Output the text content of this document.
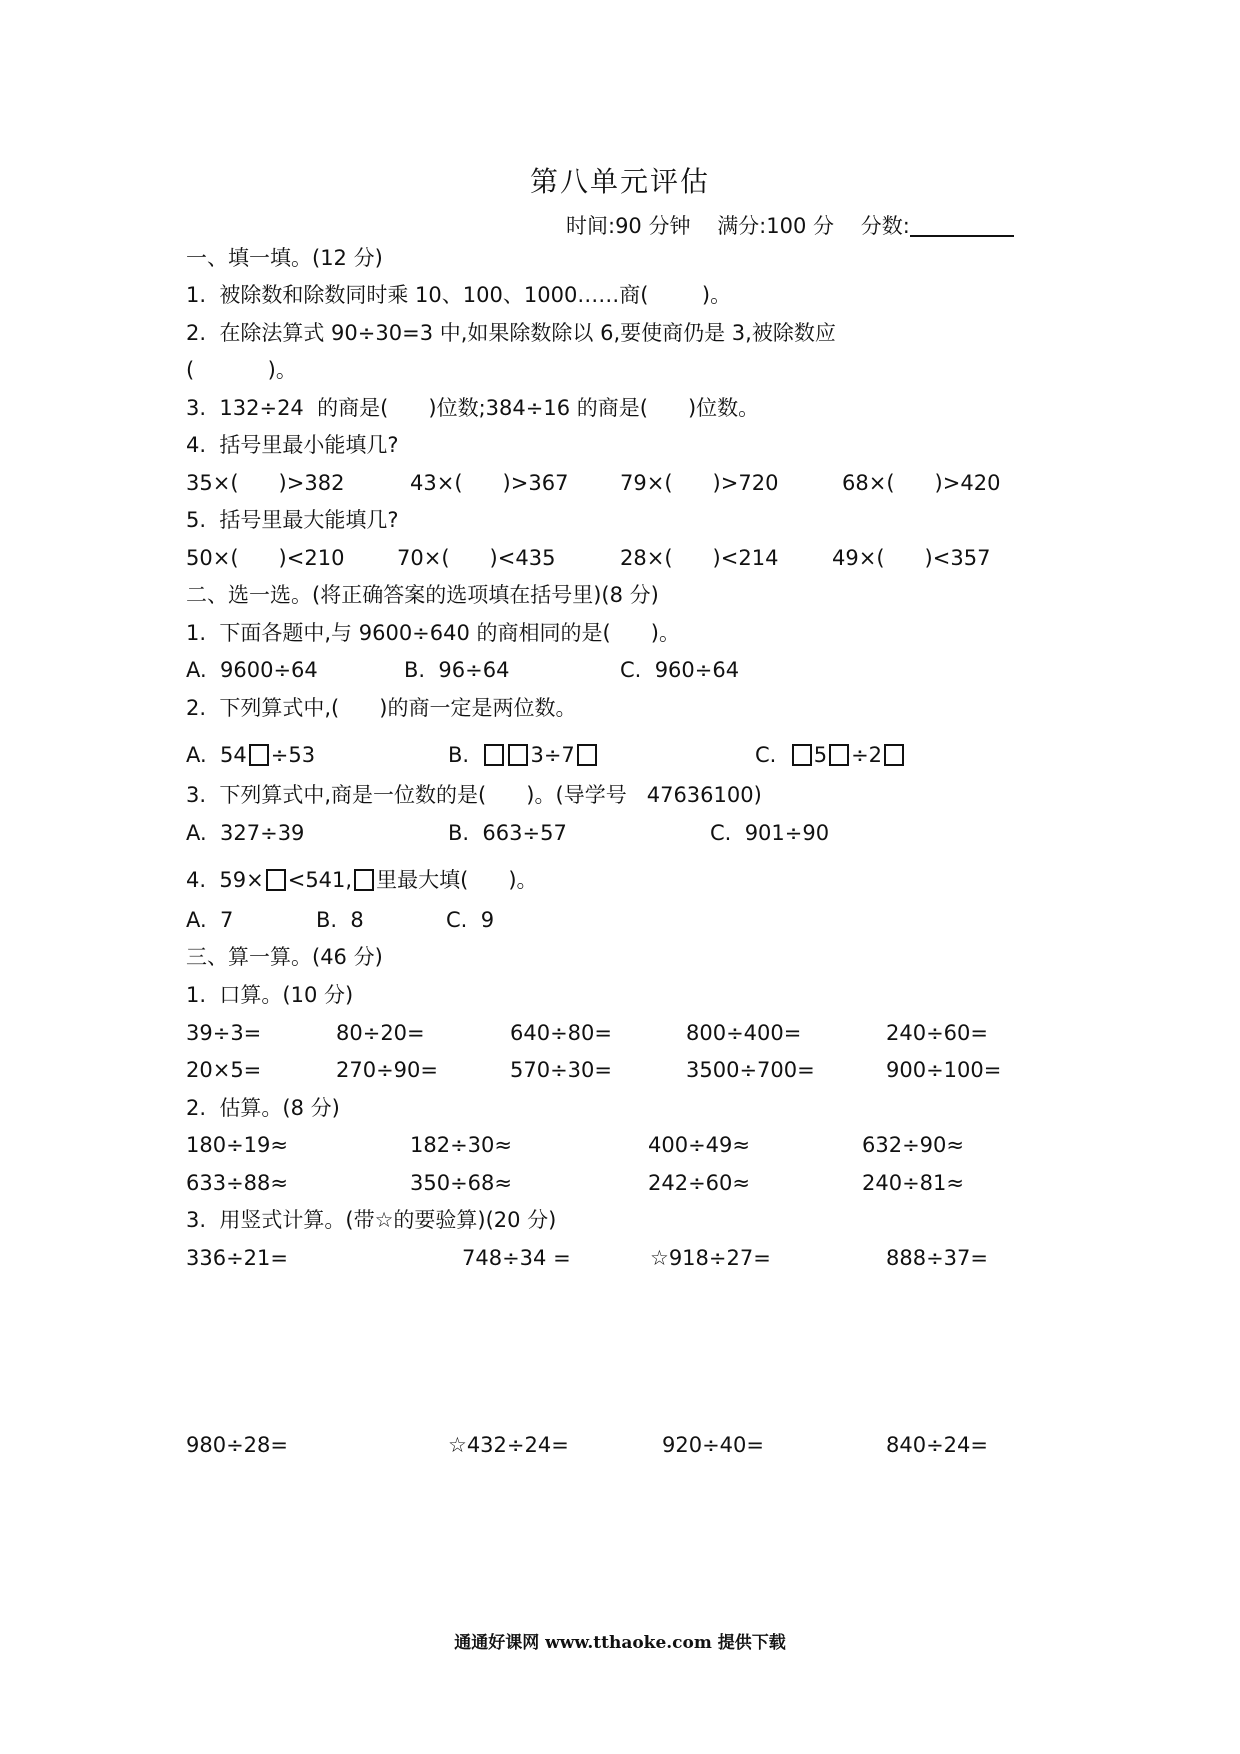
第八单元评估
时间:90 分钟 满分:100 分 分数:
一、填一填。(12 分)
1.  被除数和除数同时乘 10、100、1000……商(        )。
2.  在除法算式 90÷30=3 中,如果除数除以 6,要使商仍是 3,被除数应
(           )。
3.  132÷24  的商是(      )位数;384÷16 的商是(      )位数。
4.  括号里最小能填几?
35×(      )>382	43×(      )>367 79×(      )>720	68×(      )>420
5.  括号里最大能填几?
50×(      )<210	70×(      )<435	28×(      )<214	49×(      )<357
二、选一选。(将正确答案的选项填在括号里)(8 分)
1.  下面各题中,与 9600÷640 的商相同的是(      )。
A.  9600÷64	B.  96÷64	C.  960÷64
2.  下列算式中,(      )的商一定是两位数。
A.  54 ÷53	B.	3÷7	C. 5 ÷2
3.  下列算式中,商是一位数的是(      )。(导学号   47636100)
A.  327÷39	B.  663÷57	C.  901÷90
4.  59× <541, 里最大填(      )。
A.  7	B.  8	C.  9
三、算一算。(46 分)
1.  口算。(10 分)
39÷3=	80÷20=	640÷80=	800÷400=	240÷60=
20×5=	270÷90=	570÷30=	3500÷700=	900÷100=
2.  估算。(8 分)
180÷19≈	182÷30≈	400÷49≈	632÷90≈
633÷88≈	350÷68≈	242÷60≈	240÷81≈
3.  用竖式计算。(带☆的要验算)(20 分)
336÷21=	748÷34 =	☆918÷27=	888÷37=
980÷28=	☆432÷24=	920÷40=	840÷24=
通通好课网 www.tthaoke.com 提供下载
